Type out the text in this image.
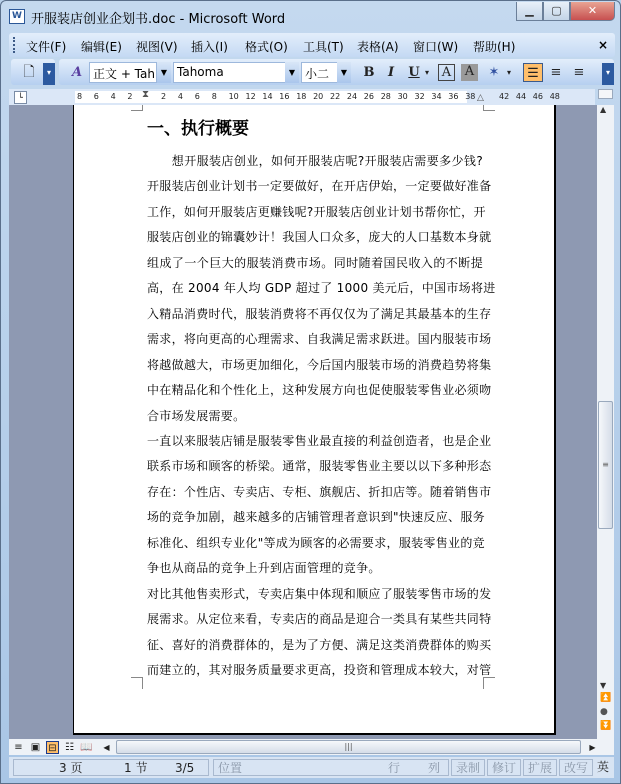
W 开服装店创业企划书.doc - Microsoft Word
▁	▢	✕
文件(F) 编辑(E) 视图(V) 插入(I) 格式(O) 工具(T) 表格(A) 窗口(W) 帮助(H)	×
🗋	▾	A 正文 + Tah ▼ Tahoma	▼ 小二	▼	B	I	U ▾ A A	✶ ▾	☰ ≡ ≡	▾
└	8 6 4 2	2 4 6 8 10 12 14 16 18 20 22 24 26 28 30 32 34 36 38	42 44 46 48
⧗	△
一、执行概要
　　想开服装店创业，如何开服装店呢?开服装店需要多少钱?
开服装店创业计划书一定要做好，在开店伊始，一定要做好准备
工作，如何开服装店更赚钱呢?开服装店创业计划书帮你忙，开
服装店创业的锦囊妙计！我国人口众多，庞大的人口基数本身就
组成了一个巨大的服装消费市场。同时随着国民收入的不断提
高，在 2004 年人均 GDP 超过了 1000 美元后，中国市场将进
入精品消费时代，服装消费将不再仅仅为了满足其最基本的生存
需求，将向更高的心理需求、自我满足需求跃进。国内服装市场
将越做越大，市场更加细化，今后国内服装市场的消费趋势将集
中在精品化和个性化上，这种发展方向也促使服装零售业必须吻
合市场发展需要。
一直以来服装店铺是服装零售业最直接的利益创造者，也是企业
联系市场和顾客的桥梁。通常，服装零售业主要以以下多种形态
存在：个性店、专卖店、专柜、旗舰店、折扣店等。随着销售市
场的竞争加剧，越来越多的店铺管理者意识到"快速反应、服务
标准化、组织专业化"等成为顾客的必需要求，服装零售业的竞
争也从商品的竞争上升到店面管理的竞争。
对比其他售卖形式，专卖店集中体现和顺应了服装零售市场的发
展需求。从定位来看，专卖店的商品是迎合一类具有某些共同特
征、喜好的消费群体的，是为了方便、满足这类消费群体的购买
而建立的，其对服务质量要求更高，投资和管理成本较大，对管
▲
≡
▼
⏫
●
⏬
≡ ▣ ⊟ ☷ 📖	◀	|||	▶
3 页	1 节 3/5	位置	行 列	录制 修订 扩展 改写 英
